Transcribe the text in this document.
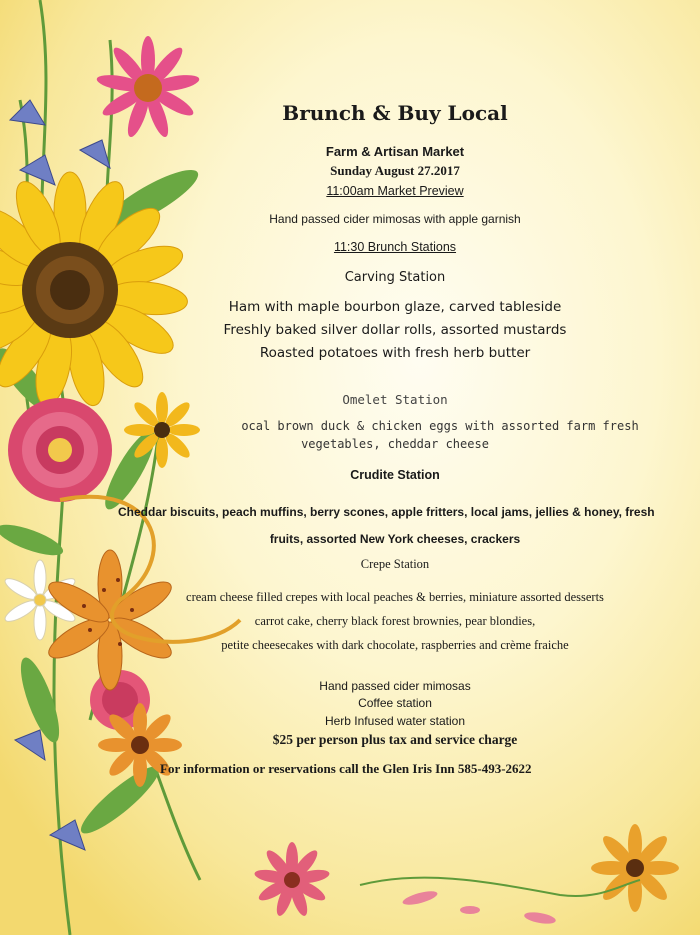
Brunch & Buy Local
Farm & Artisan Market
Sunday August 27.2017
11:00am Market Preview
Hand passed cider mimosas with apple garnish
11:30 Brunch Stations
Carving Station
Ham with maple bourbon glaze, carved tableside
Freshly baked silver dollar rolls, assorted mustards
Roasted potatoes with fresh herb butter
Omelet Station
ocal brown duck & chicken eggs with assorted farm fresh
vegetables, cheddar cheese
Crudite Station
Cheddar biscuits, peach muffins, berry scones, apple fritters, local jams, jellies & honey, fresh
fruits, assorted New York cheeses, crackers
Crepe Station
cream cheese filled crepes with local peaches & berries, miniature assorted desserts
carrot cake, cherry black forest brownies, pear blondies,
petite cheesecakes with dark chocolate, raspberries and crème fraiche
Hand passed cider mimosas
Coffee station
Herb Infused water station
$25 per person plus tax and service charge
For information or reservations call the Glen Iris Inn 585-493-2622
